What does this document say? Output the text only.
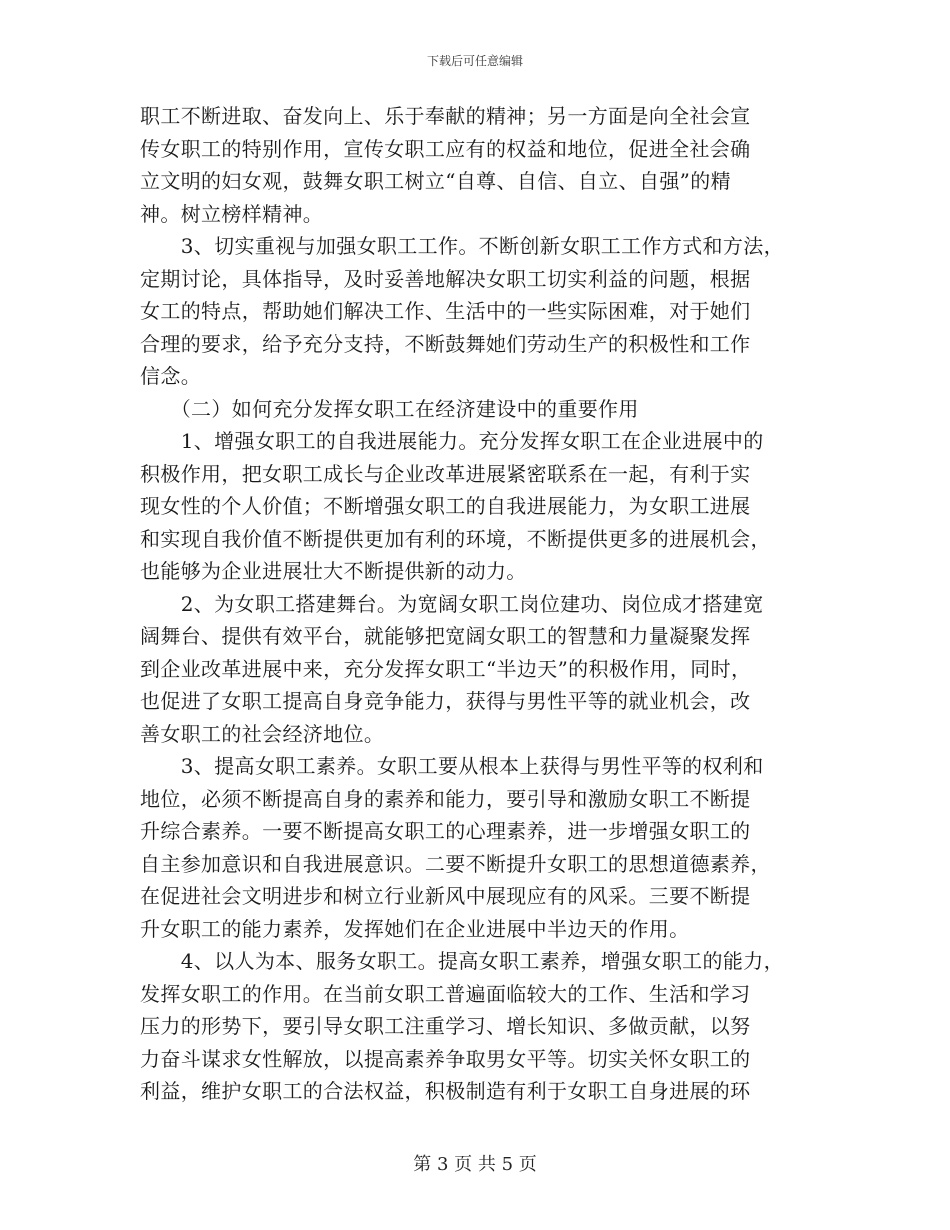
下载后可任意编辑
职工不断进取、奋发向上、乐于奉献的精神；另一方面是向全社会宣
传女职工的特别作用，宣传女职工应有的权益和地位，促进全社会确
立文明的妇女观，鼓舞女职工树立“自尊、自信、自立、自强”的精
神。树立榜样精神。
　　3、切实重视与加强女职工工作。不断创新女职工工作方式和方法，
定期讨论，具体指导，及时妥善地解决女职工切实利益的问题，根据
女工的特点，帮助她们解决工作、生活中的一些实际困难，对于她们
合理的要求，给予充分支持，不断鼓舞她们劳动生产的积极性和工作
信念。
　　（二）如何充分发挥女职工在经济建设中的重要作用
　　1、增强女职工的自我进展能力。充分发挥女职工在企业进展中的
积极作用，把女职工成长与企业改革进展紧密联系在一起，有利于实
现女性的个人价值；不断增强女职工的自我进展能力，为女职工进展
和实现自我价值不断提供更加有利的环境，不断提供更多的进展机会，
也能够为企业进展壮大不断提供新的动力。
　　2、为女职工搭建舞台。为宽阔女职工岗位建功、岗位成才搭建宽
阔舞台、提供有效平台，就能够把宽阔女职工的智慧和力量凝聚发挥
到企业改革进展中来，充分发挥女职工“半边天”的积极作用，同时，
也促进了女职工提高自身竞争能力，获得与男性平等的就业机会，改
善女职工的社会经济地位。
　　3、提高女职工素养。女职工要从根本上获得与男性平等的权利和
地位，必须不断提高自身的素养和能力，要引导和激励女职工不断提
升综合素养。一要不断提高女职工的心理素养，进一步增强女职工的
自主参加意识和自我进展意识。二要不断提升女职工的思想道德素养，
在促进社会文明进步和树立行业新风中展现应有的风采。三要不断提
升女职工的能力素养，发挥她们在企业进展中半边天的作用。
　　4、以人为本、服务女职工。提高女职工素养，增强女职工的能力，
发挥女职工的作用。在当前女职工普遍面临较大的工作、生活和学习
压力的形势下，要引导女职工注重学习、增长知识、多做贡献，以努
力奋斗谋求女性解放，以提高素养争取男女平等。切实关怀女职工的
利益，维护女职工的合法权益，积极制造有利于女职工自身进展的环
第 3 页 共 5 页
